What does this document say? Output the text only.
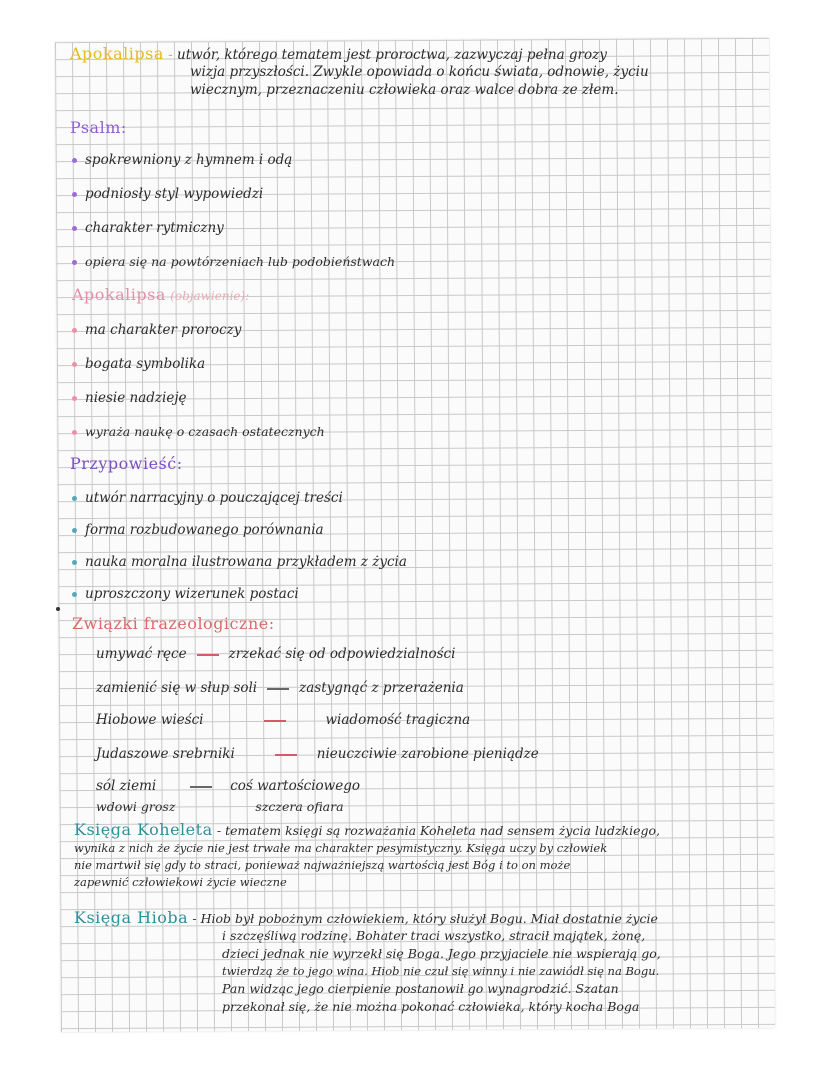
Apokalipsa - utwór, którego tematem jest proroctwa, zazwyczaj pełna grozy
wizja przyszłości. Zwykle opowiada o końcu świata, odnowie, życiu
wiecznym, przeznaczeniu człowieka oraz walce dobra ze złem.
Psalm:
spokrewniony z hymnem i odą
podniosły styl wypowiedzi
charakter rytmiczny
opiera się na powtórzeniach lub podobieństwach
Apokalipsa (objawienie):
ma charakter proroczy
bogata symbolika
niesie nadzieję
wyraża naukę o czasach ostatecznych
Przypowieść:
utwór narracyjny o pouczającej treści
forma rozbudowanego porównania
nauka moralna ilustrowana przykładem z życia
uproszczony wizerunek postaci
Związki frazeologiczne:
umywać ręce	zrzekać się od odpowiedzialności
zamienić się w słup soli	zastygnąć z przerażenia
Hiobowe wieści	wiadomość tragiczna
Judaszowe srebrniki	nieuczciwie zarobione pieniądze
sól ziemi	coś wartościowego
wdowi grosz	szczera ofiara
Księga Koheleta - tematem księgi są rozważania Koheleta nad sensem życia ludzkiego,
wynika z nich że życie nie jest trwałe ma charakter pesymistyczny. Księga uczy by człowiek
nie martwił się gdy to straci, ponieważ najważniejszą wartością jest Bóg i to on może
zapewnić człowiekowi życie wieczne
Księga Hioba - Hiob był pobożnym człowiekiem, który służył Bogu. Miał dostatnie życie
i szczęśliwą rodzinę. Bohater traci wszystko, stracił majątek, żonę,
dzieci jednak nie wyrzekł się Boga. Jego przyjaciele nie wspierają go,
twierdzą że to jego wina. Hiob nie czuł się winny i nie zawiódł się na Bogu.
Pan widząc jego cierpienie postanowił go wynagrodzić. Szatan
przekonał się, że nie można pokonać człowieka, który kocha Boga
